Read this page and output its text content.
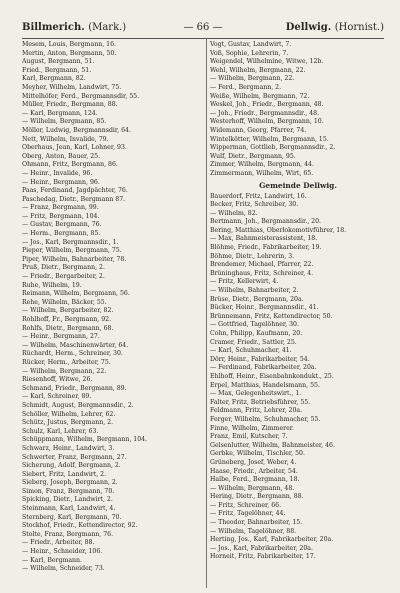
Billmerich. (Mark.)	— 66 —	Dellwig. (Hornist.)
Mesem, Louis, Bergmann, 16.
Mertin, Anton, Bergmann, 50.
August, Bergmann, 51.
Fried., Bergmann, 51.
Karl, Bergmann, 82.
Meyher, Wilhelm, Landwirt, 75.
Mittelhöfer, Ferd., Bergmannsdir, 55.
Müller, Friedr., Bergmann, 88.
— Karl, Bergmann, 124.
— Wilhelm, Bergmann, 85.
Möller, Ludwig, Bergmannsdir, 64.
Nett, Wilhelm, Invalide, 79.
Oberhaus, Jean, Karl, Lohner, 93.
Oberg, Anton, Bauer, 25.
Ohmann, Fritz, Bergmann, 86.
— Heinr., Invalide, 96.
— Heinr., Bergmann, 96.
Paas, Ferdinand, Jagdpächter, 76.
Paschedag, Dietr., Bergmann 87.
— Franz, Bergmann, 99.
— Fritz, Bergmann, 104.
— Gustav, Bergmann, 76.
— Herm., Bergmann, 85.
— Jos., Karl, Bergmannsdir., 1.
Pieper, Wilhelm, Bergmann, 75.
Piper, Wilhelm, Bahnarbeiter, 78.
Pruß, Dietr., Bergmann, 2.
— Friedr., Bergarbeiter, 2.
Ruhe, Wilhelm, 19.
Reimann, Wilhelm, Bergmann, 56.
Rehe, Wilhelm, Bäcker, 55.
— Wilhelm, Bergarbeiter, 82.
Rohlhoff, Fr., Bergmann, 92.
Rohlfs, Dietr., Bergmann, 68.
— Heinr., Bergmann, 27.
— Wilhelm, Maschinenwärter, 64.
Rüchardt, Herm., Schreiner, 30.
Rücker, Herm., Arbeiter, 75.
— Wilhelm, Bergmann, 22.
Riesenhoff, Witwe, 26.
Schmand, Friedr., Bergmann, 89.
— Karl, Schreiner, 89.
Schmidt, August, Bergmannsdir., 2.
Schöller, Wilhelm, Lehrer, 62.
Schütz, Justus, Bergmann, 2.
Schulz, Karl, Lehrer, 63.
Schüppmann, Wilhelm, Bergmann, 104.
Schwarz, Heinr., Landwirt, 3.
Schwerter, Franz, Bergmann, 27.
Sicherung, Adolf, Bergmann, 2.
Siebert, Fritz, Landwirt, 2.
Sieberg, Joseph, Bergmann, 2.
Simon, Franz, Bergmann, 70.
Spicking, Dietr., Landwirt, 2.
Steinmann, Karl, Landwirt, 4.
Sternberg, Karl, Bergmann, 70.
Stockhof, Friedr., Kettendirector, 92.
Stolte, Franz, Bergmann, 76.
— Friedr., Arbeiter, 88.
— Heinr., Schneider, 106.
— Karl, Bergmann.
— Wilhelm, Schneider, 73.
Vogt, Gustav, Landwirt, 7.
Voß, Sophie, Lehrerin, 7.
Weigendel, Wilhelmine, Witwe, 12b.
Wehl, Wilhelm, Bergmann, 22.
— Wilhelm, Bergmann, 22.
— Ferd., Bergmann, 2.
Weiße, Wilhelm, Bergmann, 72.
Weskel, Joh., Friedr., Bergmann, 48.
— Joh., Friedr., Bergmannsdir., 48.
Westerhoff, Wilhelm, Bergmann, 10.
Widemann, Georg, Pfarrer, 74.
Wintelkötter, Wilhelm, Bergmann, 15.
Wipperman, Gottlieb, Bergmannsdir., 2.
Wulf, Dietr., Bergmann, 95.
Zimmer, Wilhelm, Bergmann, 44.
Zimmermann, Wilhelm, Wirt, 65.
Gemeinde Dellwig.
Bauerdorf, Fritz, Landwirt, 16.
Becker, Fritz, Schreiber, 30.
— Wilhelm, 82.
Bertmann, Joh., Bergmannsdir., 20.
Bering, Matthias, Oberlokomotivführer, 18.
— Max, Bahnmeisterassistent, 18.
Blöhme, Friedr., Fabrikarbeiter, 19.
Böhme, Dietr., Lehrerin, 3.
Brendemer, Michael, Pfarrer, 22.
Brüninghaus, Fritz, Schreiner, 4.
— Fritz, Kellerwirt, 4.
— Wilhelm, Bahnarbeiter, 2.
Brüse, Dietr., Bergmann, 20a.
Bücker, Heinr., Bergmannsdir., 41.
Brünnemann, Fritz, Kettendirector, 50.
— Gottfried, Tagelöhner, 30.
Cohn, Philipp, Kaufmann, 20.
Cramer, Friedr., Sattler, 25.
— Karl, Schuhmacher, 41.
Dörr, Heinr., Fabrikarbeiter, 54.
— Ferdinand, Fabrikarbeiter, 20a.
Ehlhoff, Heinr., Eisenbahnkondukt., 25.
Erpel, Matthias, Handelsmann, 55.
— Max, Gelegenheitswirt., 1.
Falter, Fritz, Betriebsführer, 55.
Feldmann, Fritz, Lehrer, 20a.
Ferger, Wilhelm, Schuhmacher, 55.
Finne, Wilhelm, Zimmerer.
Franz, Emil, Kutscher, 7.
Gelsenlutter, Wilhelm, Bahnmeister, 46.
Gerbke, Wilhelm, Tischler, 50.
Grüneberg, Josef, Weber, 4.
Haase, Friedr., Arbeiter, 54.
Halbe, Ferd., Bergmann, 18.
— Wilhelm, Bergmann, 48.
Hering, Dietr., Bergmann, 88.
— Fritz, Schreiner, 66.
— Fritz, Tagelöhner, 44.
— Theodor, Bahnarbeiter, 15.
— Wilhelm, Tagelöhner, 88.
Herting, Jos., Karl, Fabrikarbeiter, 20a.
— Jos., Karl, Fabrikarbeiter, 20a.
Horneit, Fritz, Fabrikarbeiter, 17.
